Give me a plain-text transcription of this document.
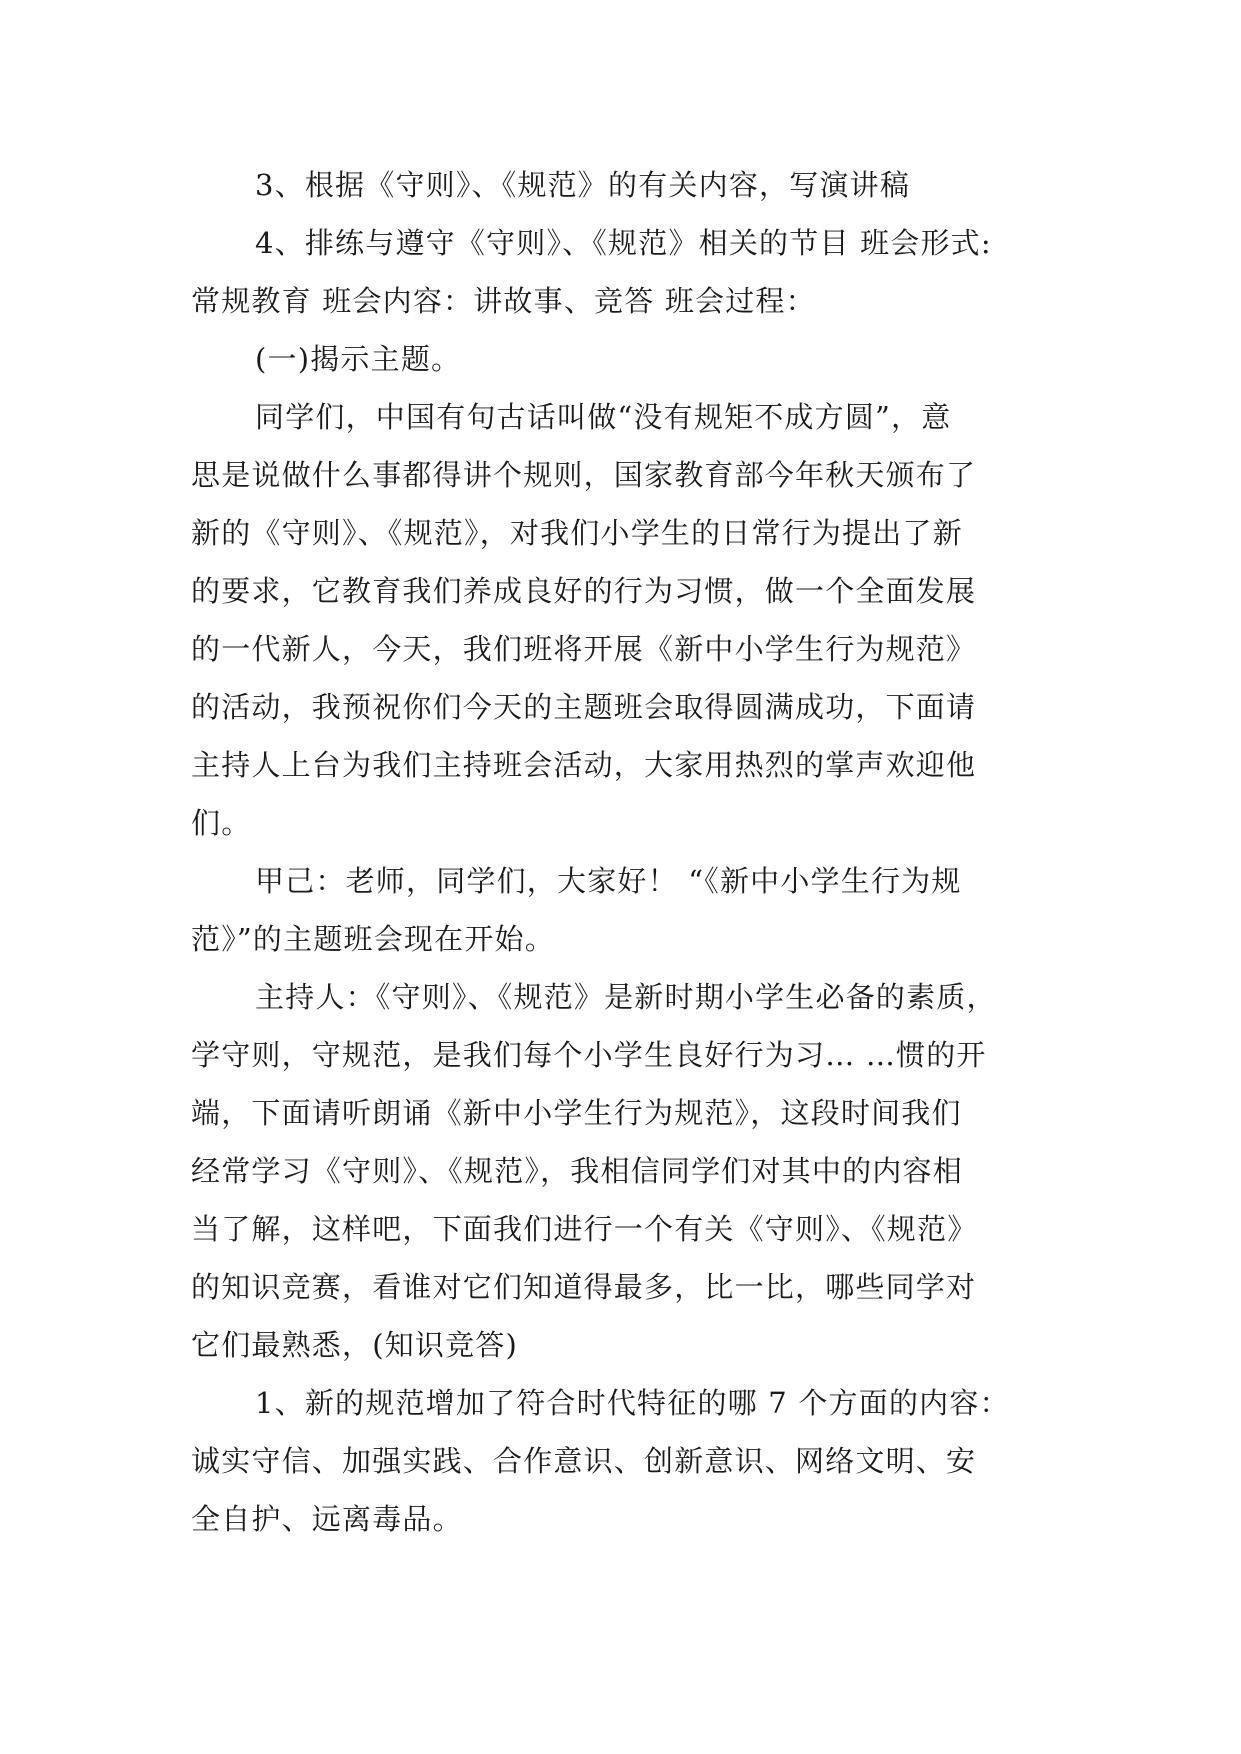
3、根据《守则》、《规范》的有关内容，写演讲稿

4、排练与遵守《守则》、《规范》相关的节目 班会形式:
常规教育 班会内容：讲故事、竞答 班会过程：

(一)揭示主题。

同学们，中国有句古话叫做“没有规矩不成方圆”，意
思是说做什么事都得讲个规则，国家教育部今年秋天颁布了
新的《守则》、《规范》，对我们小学生的日常行为提出了新
的要求，它教育我们养成良好的行为习惯，做一个全面发展
的一代新人，今天，我们班将开展《新中小学生行为规范》
的活动，我预祝你们今天的主题班会取得圆满成功，下面请
主持人上台为我们主持班会活动，大家用热烈的掌声欢迎他
们。

甲己：老师，同学们，大家好！ “《新中小学生行为规
范》”的主题班会现在开始。

主持人：《守则》、《规范》是新时期小学生必备的素质，
学守则，守规范，是我们每个小学生良好行为习… …惯的开
端，下面请听朗诵《新中小学生行为规范》，这段时间我们
经常学习《守则》、《规范》，我相信同学们对其中的内容相
当了解，这样吧，下面我们进行一个有关《守则》、《规范》
的知识竞赛，看谁对它们知道得最多，比一比，哪些同学对
它们最熟悉，(知识竞答)

1、新的规范增加了符合时代特征的哪 7 个方面的内容：
诚实守信、加强实践、合作意识、创新意识、网络文明、安
全自护、远离毒品。
